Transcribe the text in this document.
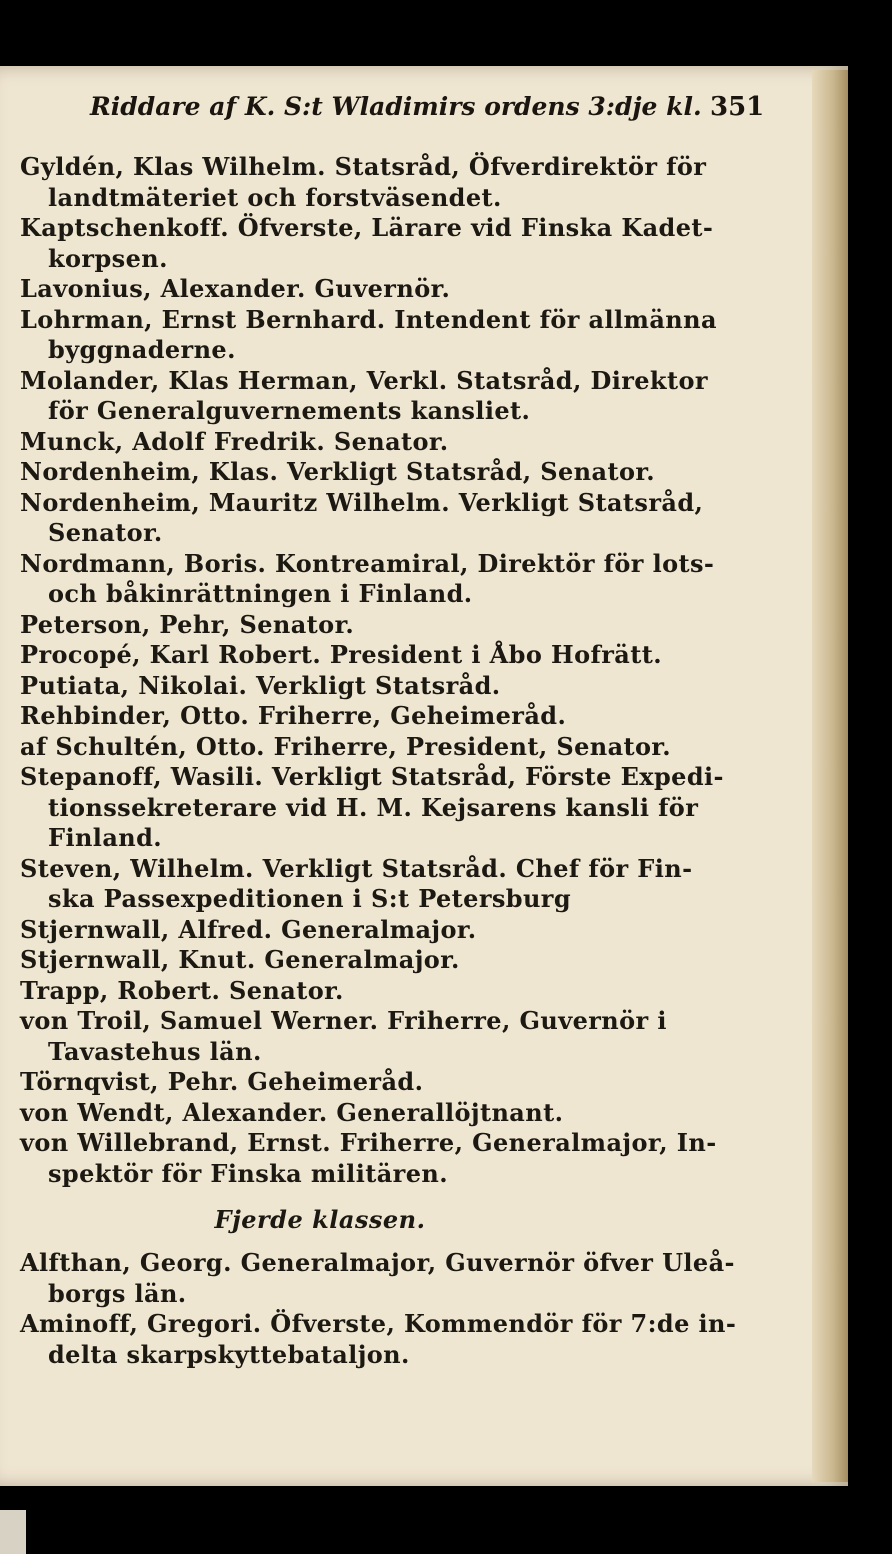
Riddare af K. S:t Wladimirs ordens 3:dje kl. 351
Gyldén, Klas Wilhelm. Statsråd, Öfverdirektör för
landtmäteriet och forstväsendet.
Kaptschenkoff. Öfverste, Lärare vid Finska Kadet-
korpsen.
Lavonius, Alexander. Guvernör.
Lohrman, Ernst Bernhard. Intendent för allmänna
byggnaderne.
Molander, Klas Herman, Verkl. Statsråd, Direktor
för Generalguvernements kansliet.
Munck, Adolf Fredrik. Senator.
Nordenheim, Klas. Verkligt Statsråd, Senator.
Nordenheim, Mauritz Wilhelm. Verkligt Statsråd,
Senator.
Nordmann, Boris. Kontreamiral, Direktör för lots-
och båkinrättningen i Finland.
Peterson, Pehr, Senator.
Procopé, Karl Robert. President i Åbo Hofrätt.
Putiata, Nikolai. Verkligt Statsråd.
Rehbinder, Otto. Friherre, Geheimeråd.
af Schultén, Otto. Friherre, President, Senator.
Stepanoff, Wasili. Verkligt Statsråd, Förste Expedi-
tionssekreterare vid H. M. Kejsarens kansli för
Finland.
Steven, Wilhelm. Verkligt Statsråd. Chef för Fin-
ska Passexpeditionen i S:t Petersburg
Stjernwall, Alfred. Generalmajor.
Stjernwall, Knut. Generalmajor.
Trapp, Robert. Senator.
von Troil, Samuel Werner. Friherre, Guvernör i
Tavastehus län.
Törnqvist, Pehr. Geheimeråd.
von Wendt, Alexander. Generallöjtnant.
von Willebrand, Ernst. Friherre, Generalmajor, In-
spektör för Finska militären.
Fjerde klassen.
Alfthan, Georg. Generalmajor, Guvernör öfver Uleå-
borgs län.
Aminoff, Gregori. Öfverste, Kommendör för 7:de in-
delta skarpskyttebataljon.
